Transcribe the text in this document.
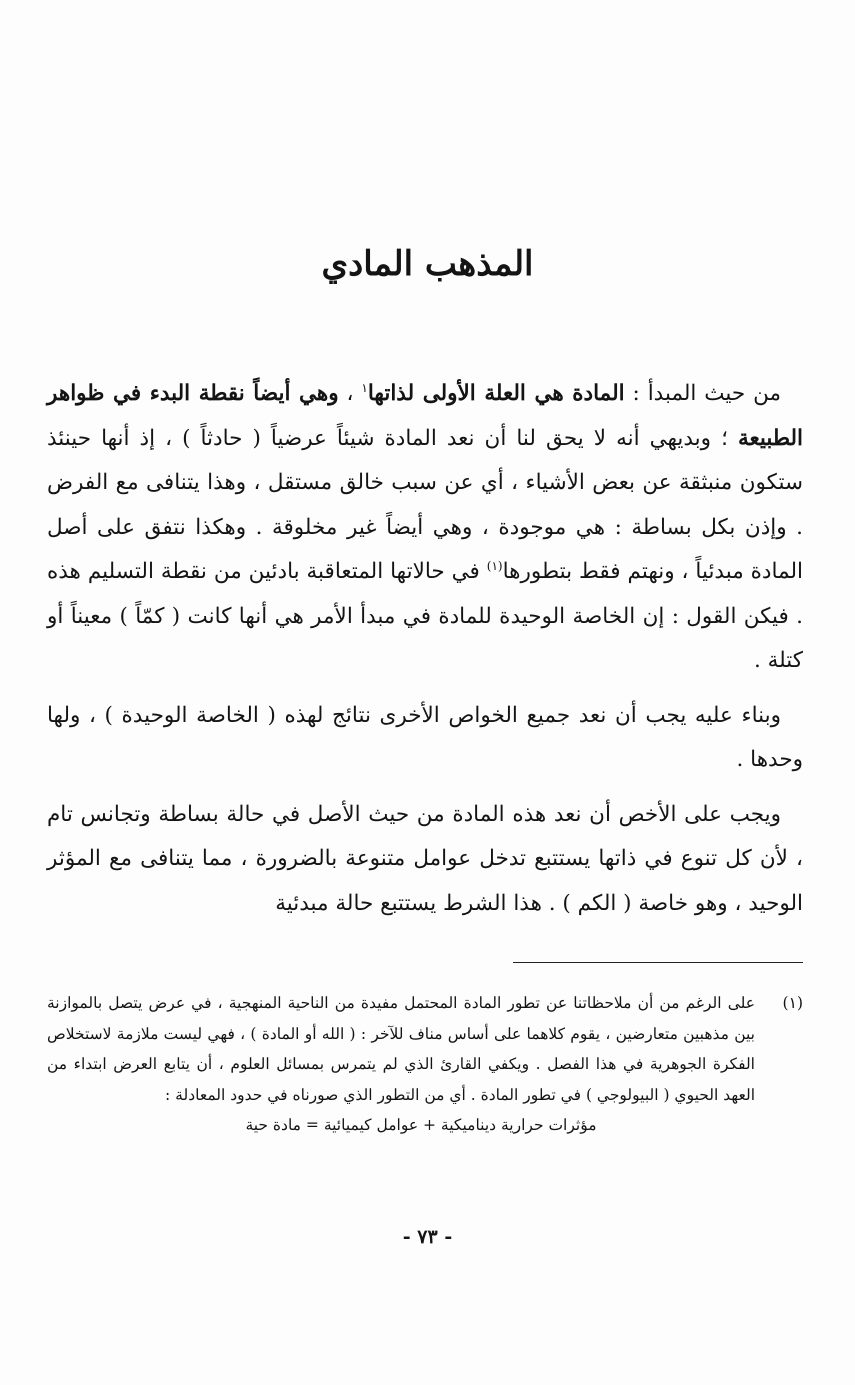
المذهب المادي

من حيث المبدأ : المادة هي العلة الأولى لذاتها$^١$ ، وهي أيضاً نقطة البدء في ظواهر الطبيعة ؛ وبديهي أنه لا يحق لنا أن نعد المادة شيئاً عرضياً ( حادثاً ) ، إذ أنها حينئذ ستكون منبثقة عن بعض الأشياء ، أي عن سبب خالق مستقل ، وهذا يتنافى مع الفرض . وإذن بكل بساطة : هي موجودة ، وهي أيضاً غير مخلوقة . وهكذا نتفق على أصل المادة مبدئياً ، ونهتم فقط بتطورها$^{(١)}$ في حالاتها المتعاقبة بادئين من نقطة التسليم هذه . فيكن القول : إن الخاصة الوحيدة للمادة في مبدأ الأمر هي أنها كانت ( كمّاً ) معيناً أو كتلة .

وبناء عليه يجب أن نعد جميع الخواص الأخرى نتائج لهذه ( الخاصة الوحيدة ) ، ولها وحدها .

ويجب على الأخص أن نعد هذه المادة من حيث الأصل في حالة بساطة وتجانس تام ، لأن كل تنوع في ذاتها يستتبع تدخل عوامل متنوعة بالضرورة ، مما يتنافى مع المؤثر الوحيد ، وهو خاصة ( الكم ) . هذا الشرط يستتبع حالة مبدئية

(١)
على الرغم من أن ملاحظاتنا عن تطور المادة المحتمل مفيدة من الناحية المنهجية ، في عرض يتصل بالموازنة بين مذهبين متعارضين ، يقوم كلاهما على أساس مناف للآخر : ( الله أو المادة ) ، فهي ليست ملازمة لاستخلاص الفكرة الجوهرية في هذا الفصل . ويكفي القارئ الذي لم يتمرس بمسائل العلوم ، أن يتابع العرض ابتداء من العهد الحيوي ( البيولوجي ) في تطور المادة . أي من التطور الذي صورناه في حدود المعادلة :
مؤثرات حرارية ديناميكية + عوامل كيميائية = مادة حية
- ٧٣ -
